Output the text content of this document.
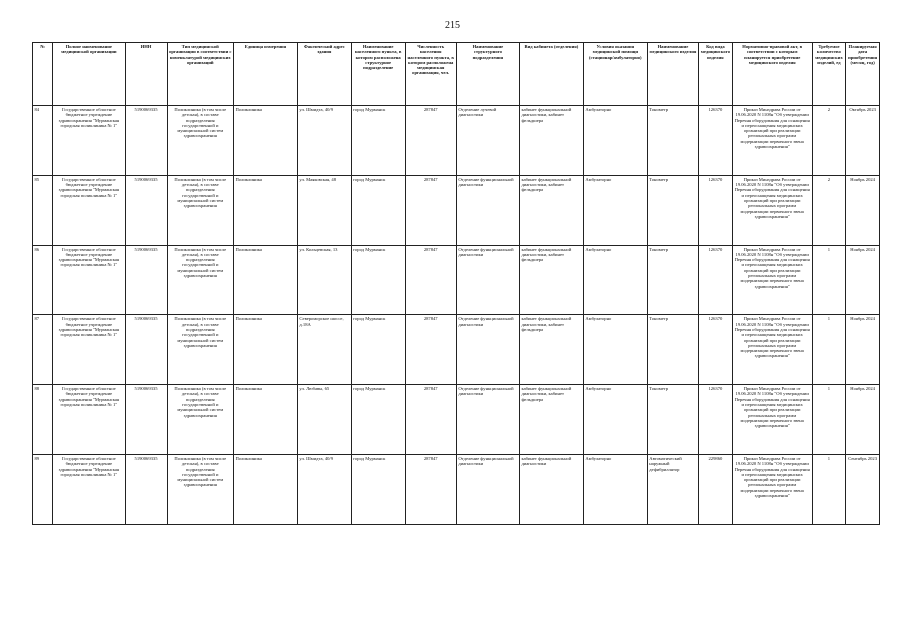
215
№	Полное наименование медицинской организации	ИНН	Тип медицинской организации в соответствии с номенклатурой медицинских организаций	Единица измерения	Фактический адрес здания	Наименование населенного пункта, в котором расположена структурное подразделение	Численность населения населенного пункта, в котором расположена медицинская организация, чел.	Наименование структурного подразделения	Вид кабинета (отделения)	Условия оказания медицинской помощи (стационар/амбулаторно)	Наименование медицинского изделия	Код вида медицинского изделия	Нормативно-правовой акт, в соответствии с которым планируется приобретение медицинского изделия	Требуемое количество медицинских изделий, ед	Планируемая дата приобретения (месяц, год)
84	Государственное областное бюджетное учреждение здравоохранения "Мурманская городская поликлиника № 1"	5190069335	Поликлиника (в том числе детская), в составе подразделения государственной и муниципальной систем здравоохранения	Поликлиника	ул. Шмидта, 40/9	город Мурманск	287847	Отделение лучевой диагностики	кабинет функциональной диагностики, кабинет фельдшера	Амбулаторно	Тонометр	126370	Приказ Минздрава России от 19.06.2020 N 1108н "Об утверждении Перечня оборудования для оснащения и переоснащения медицинских организаций при реализации региональных программ модернизации первичного звена здравоохранения"	2	Октябрь 2023
85	Государственное областное бюджетное учреждение здравоохранения "Мурманская городская поликлиника № 1"	5190069335	Поликлиника (в том числе детская), в составе подразделения государственной и муниципальной систем здравоохранения	Поликлиника	ул. Маяковская, 48	город Мурманск	287847	Отделение функциональной диагностики	кабинет функциональной диагностики, кабинет фельдшера	Амбулаторно	Тонометр	126370	Приказ Минздрава России от 19.06.2020 N 1108н "Об утверждении Перечня оборудования для оснащения и переоснащения медицинских организаций при реализации региональных программ модернизации первичного звена здравоохранения"	2	Ноябрь 2024
86	Государственное областное бюджетное учреждение здравоохранения "Мурманская городская поликлиника № 1"	5190069335	Поликлиника (в том числе детская), в составе подразделения государственной и муниципальной систем здравоохранения	Поликлиника	ул. Кольцевская, 13	город Мурманск	287847	Отделение функциональной диагностики	кабинет функциональной диагностики, кабинет фельдшера	Амбулаторно	Тонометр	126370	Приказ Минздрава России от 19.06.2020 N 1108н "Об утверждении Перечня оборудования для оснащения и переоснащения медицинских организаций при реализации региональных программ модернизации первичного звена здравоохранения"	1	Ноябрь 2024
87	Государственное областное бюджетное учреждение здравоохранения "Мурманская городская поликлиника № 1"	5190069335	Поликлиника (в том числе детская), в составе подразделения государственной и муниципальной систем здравоохранения	Поликлиника	Североморское шоссе, д.18А	город Мурманск	287847	Отделение функциональной диагностики	кабинет функциональной диагностики, кабинет фельдшера	Амбулаторно	Тонометр	126370	Приказ Минздрава России от 19.06.2020 N 1108н "Об утверждении Перечня оборудования для оснащения и переоснащения медицинских организаций при реализации региональных программ модернизации первичного звена здравоохранения"	1	Ноябрь 2024
88	Государственное областное бюджетное учреждение здравоохранения "Мурманская городская поликлиника № 1"	5190069335	Поликлиника (в том числе детская), в составе подразделения государственной и муниципальной систем здравоохранения	Поликлиника	ул. Любавы, 65	город Мурманск	287847	Отделение функциональной диагностики	кабинет функциональной диагностики, кабинет фельдшера	Амбулаторно	Тонометр	126370	Приказ Минздрава России от 19.06.2020 N 1108н "Об утверждении Перечня оборудования для оснащения и переоснащения медицинских организаций при реализации региональных программ модернизации первичного звена здравоохранения"	1	Ноябрь 2024
89	Государственное областное бюджетное учреждение здравоохранения "Мурманская городская поликлиника № 1"	5190069335	Поликлиника (в том числе детская), в составе подразделения государственной и муниципальной систем здравоохранения	Поликлиника	ул. Шмидта, 40/9	город Мурманск	287847	Отделение функциональной диагностики	кабинет функциональной диагностики	Амбулаторно	Автоматический наружный дефибриллятор	229860	Приказ Минздрава России от 19.06.2020 N 1108н "Об утверждении Перечня оборудования для оснащения и переоснащения медицинских организаций при реализации региональных программ модернизации первичного звена здравоохранения"	1	Сентябрь 2023
